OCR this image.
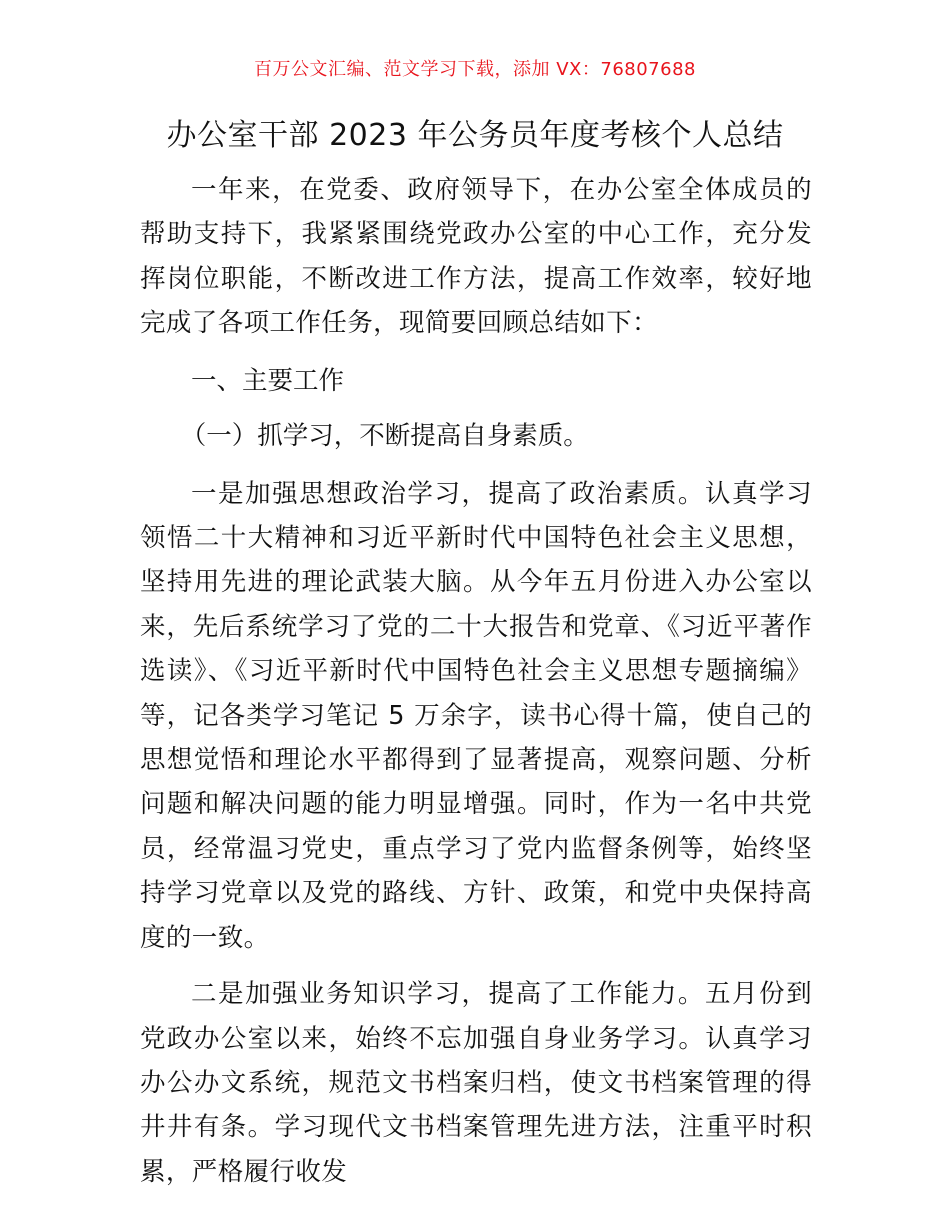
百万公文汇编、范文学习下载，添加 VX：76807688
办公室干部 2023 年公务员年度考核个人总结

一年来，在党委、政府领导下，在办公室全体成员的帮助支持下，我紧紧围绕党政办公室的中心工作，充分发挥岗位职能，不断改进工作方法，提高工作效率，较好地完成了各项工作任务，现简要回顾总结如下：

一、主要工作

（一）抓学习，不断提高自身素质。

一是加强思想政治学习，提高了政治素质。认真学习领悟二十大精神和习近平新时代中国特色社会主义思想，坚持用先进的理论武装大脑。从今年五月份进入办公室以来，先后系统学习了党的二十大报告和党章、《习近平著作选读》、《习近平新时代中国特色社会主义思想专题摘编》等，记各类学习笔记 5 万余字，读书心得十篇，使自己的思想觉悟和理论水平都得到了显著提高，观察问题、分析问题和解决问题的能力明显增强。同时，作为一名中共党员，经常温习党史，重点学习了党内监督条例等，始终坚持学习党章以及党的路线、方针、政策，和党中央保持高度的一致。

二是加强业务知识学习，提高了工作能力。五月份到党政办公室以来，始终不忘加强自身业务学习。认真学习办公办文系统，规范文书档案归档，使文书档案管理的得井井有条。学习现代文书档案管理先进方法，注重平时积累，严格履行收发
